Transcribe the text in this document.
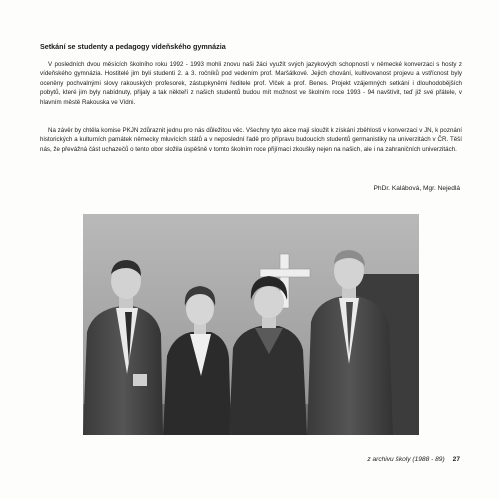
Setkání se studenty a pedagogy vídeňského gymnázia

V posledních dvou měsících školního roku 1992 - 1993 mohli znovu naši žáci využít svých jazykových schopností v německé konverzaci s hosty z vídeňského gymnázia. Hostitelé jim byli studenti 2. a 3. ročníků pod vedením prof. Maršálkové. Jejich chování, kultivovanost projevu a vstřícnost byly oceněny pochvalnými slovy rakouských profesorek, zástupkyněmi ředitele prof. Vlček a prof. Benes. Projekt vzájemných setkání i dlouhodobějších pobytů, které jim byly nabídnuty, přijaly a tak někteří z našich studentů budou mít možnost ve školním roce 1993 - 94 navštívit, teď již své přátele, v hlavním městě Rakouska ve Vídni.

Na závěr by chtěla komise PKJN zdůraznit jednu pro nás důležitou věc. Všechny tyto akce mají sloužit k získání zběhlosti v konverzaci v JN, k poznání historických a kulturních památek německy mluvících států a v neposlední řadě pro přípravu budoucích studentů germanistiky na univerzitách v ČR. Těší nás, že převážná část uchazečů o tento obor složila úspěšně v tomto školním roce přijímací zkoušky nejen na našich, ale i na zahraničních univerzitách.

PhDr. Kalábová, Mgr. Nejedlá
z archivu školy (1988 - 89) 27
